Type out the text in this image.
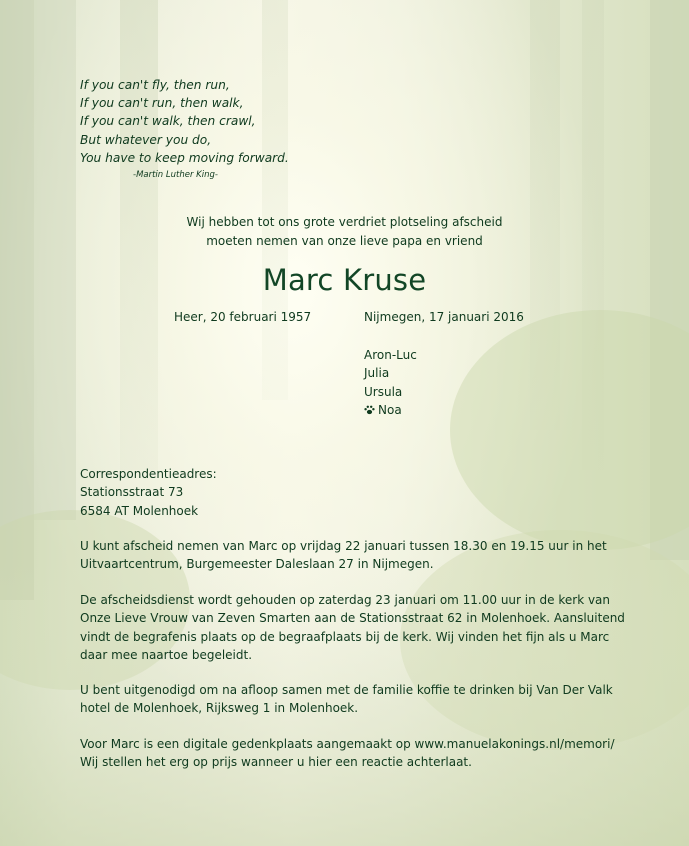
If you can't fly, then run,
If you can't run, then walk,
If you can't walk, then crawl,
But whatever you do,
You have to keep moving forward.
-Martin Luther King-
Wij hebben tot ons grote verdriet plotseling afscheid
moeten nemen van onze lieve papa en vriend
Marc Kruse
Heer, 20 februari 1957	Nijmegen, 17 januari 2016
Aron-Luc
Julia
Ursula
Noa
Correspondentieadres:
Stationsstraat 73
6584 AT Molenhoek
U kunt afscheid nemen van Marc op vrijdag 22 januari tussen 18.30 en 19.15 uur in het
Uitvaartcentrum, Burgemeester Daleslaan 27 in Nijmegen.
De afscheidsdienst wordt gehouden op zaterdag 23 januari om 11.00 uur in de kerk van
Onze Lieve Vrouw van Zeven Smarten aan de Stationsstraat 62 in Molenhoek. Aansluitend
vindt de begrafenis plaats op de begraafplaats bij de kerk. Wij vinden het fijn als u Marc
daar mee naartoe begeleidt.
U bent uitgenodigd om na afloop samen met de familie koffie te drinken bij Van Der Valk
hotel de Molenhoek, Rijksweg 1 in Molenhoek.
Voor Marc is een digitale gedenkplaats aangemaakt op www.manuelakonings.nl/memori/
Wij stellen het erg op prijs wanneer u hier een reactie achterlaat.
